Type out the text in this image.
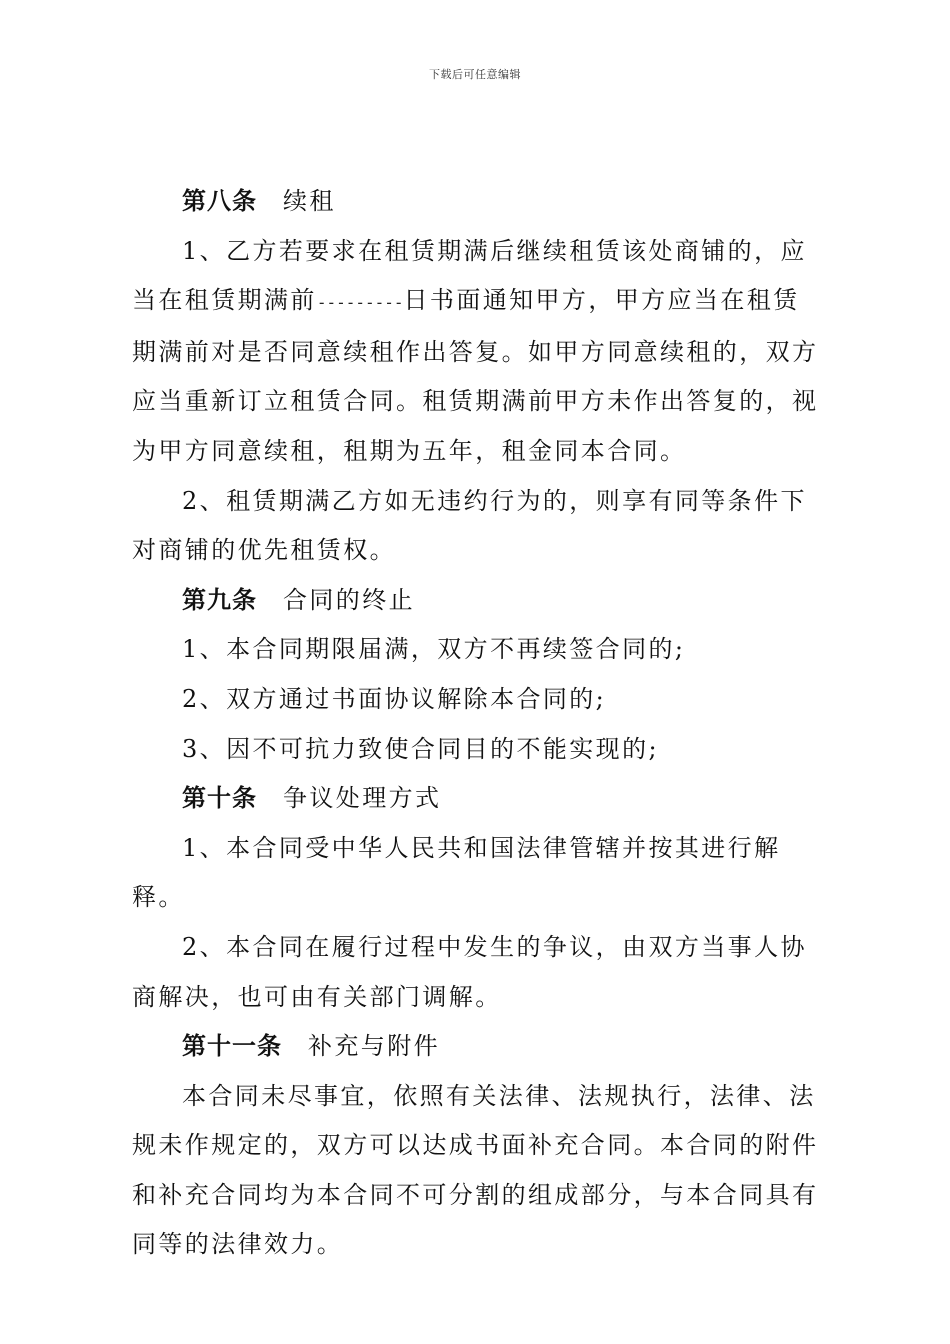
下载后可任意编辑

第八条 续租

1、乙方若要求在租赁期满后继续租赁该处商铺的，应当在租赁期满前---------日书面通知甲方，甲方应当在租赁期满前对是否同意续租作出答复。如甲方同意续租的，双方应当重新订立租赁合同。租赁期满前甲方未作出答复的，视为甲方同意续租，租期为五年，租金同本合同。

2、租赁期满乙方如无违约行为的，则享有同等条件下对商铺的优先租赁权。

第九条 合同的终止

1、本合同期限届满，双方不再续签合同的;

2、双方通过书面协议解除本合同的;

3、因不可抗力致使合同目的不能实现的;

第十条 争议处理方式

1、本合同受中华人民共和国法律管辖并按其进行解释。

2、本合同在履行过程中发生的争议，由双方当事人协商解决，也可由有关部门调解。

第十一条 补充与附件

本合同未尽事宜，依照有关法律、法规执行，法律、法规未作规定的，双方可以达成书面补充合同。本合同的附件和补充合同均为本合同不可分割的组成部分，与本合同具有同等的法律效力。
